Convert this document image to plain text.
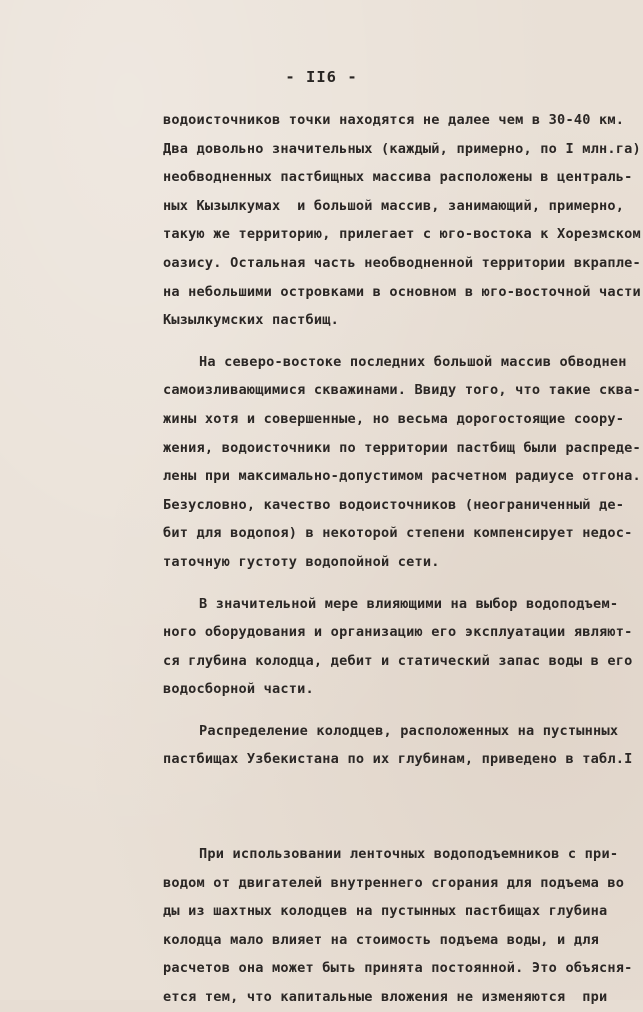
- II6 -
водоисточников точки находятся не далее чем в 30-40 км.
Два довольно значительных (каждый, примерно, по I млн.га)
необводненных пастбищных массива расположены в централь-
ных Кызылкумах  и большой массив, занимающий, примерно,
такую же территорию, прилегает с юго-востока к Хорезмском
оазису. Остальная часть необводненной территории вкрапле-
на небольшими островками в основном в юго-восточной части
Кызылкумских пастбищ.
На северо-востоке последних большой массив обводнен
самоизливающимися скважинами. Ввиду того, что такие сква-
жины хотя и совершенные, но весьма дорогостоящие соору-
жения, водоисточники по территории пастбищ были распреде-
лены при максимально-допустимом расчетном радиусе отгона.
Безусловно, качество водоисточников (неограниченный де-
бит для водопоя) в некоторой степени компенсирует недос-
таточную густоту водопойной сети.
В значительной мере влияющими на выбор водоподъем-
ного оборудования и организацию его эксплуатации являют-
ся глубина колодца, дебит и статический запас воды в его
водосборной части.
Распределение колодцев, расположенных на пустынных
пастбищах Узбекистана по их глубинам, приведено в табл.I
При использовании ленточных водоподъемников с при-
водом от двигателей внутреннего сгорания для подъема во
ды из шахтных колодцев на пустынных пастбищах глубина
колодца мало влияет на стоимость подъема воды, и для
расчетов она может быть принята постоянной. Это объясня-
ется тем, что капитальные вложения не изменяются  при
